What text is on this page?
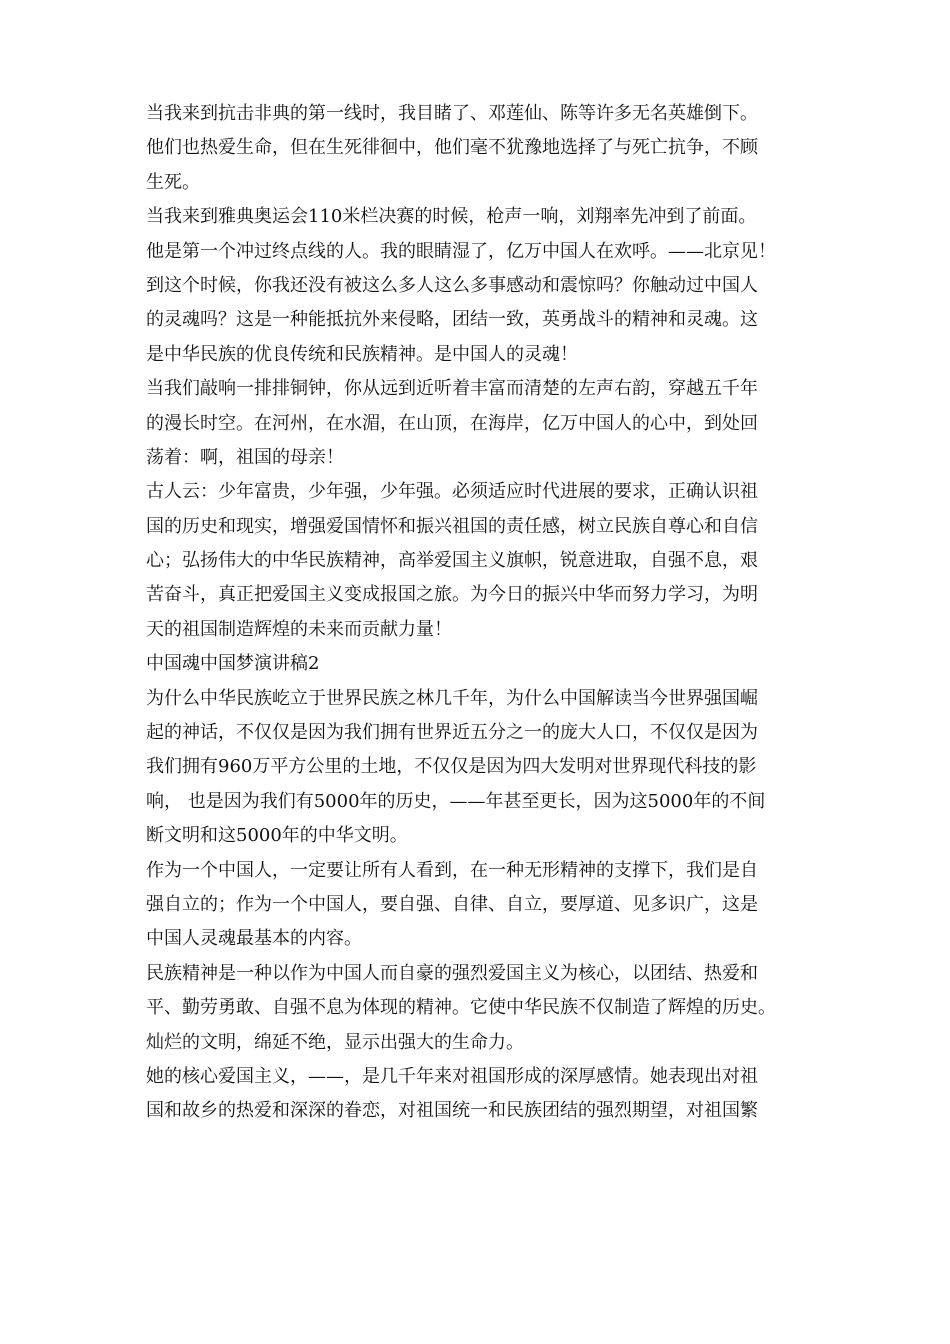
当我来到抗击非典的第一线时，我目睹了、邓莲仙、陈等许多无名英雄倒下。
他们也热爱生命，但在生死徘徊中，他们毫不犹豫地选择了与死亡抗争，不顾
生死。
当我来到雅典奥运会110米栏决赛的时候，枪声一响，刘翔率先冲到了前面。
他是第一个冲过终点线的人。我的眼睛湿了，亿万中国人在欢呼。——北京见！
到这个时候，你我还没有被这么多人这么多事感动和震惊吗？你触动过中国人
的灵魂吗？这是一种能抵抗外来侵略，团结一致，英勇战斗的精神和灵魂。这
是中华民族的优良传统和民族精神。是中国人的灵魂！
当我们敲响一排排铜钟，你从远到近听着丰富而清楚的左声右韵，穿越五千年
的漫长时空。在河州，在水湄，在山顶，在海岸，亿万中国人的心中，到处回
荡着：啊，祖国的母亲！
古人云：少年富贵，少年强，少年强。必须适应时代进展的要求，正确认识祖
国的历史和现实，增强爱国情怀和振兴祖国的责任感，树立民族自尊心和自信
心；弘扬伟大的中华民族精神，高举爱国主义旗帜，锐意进取，自强不息，艰
苦奋斗，真正把爱国主义变成报国之旅。为今日的振兴中华而努力学习，为明
天的祖国制造辉煌的未来而贡献力量！
中国魂中国梦演讲稿2
为什么中华民族屹立于世界民族之林几千年，为什么中国解读当今世界强国崛
起的神话，不仅仅是因为我们拥有世界近五分之一的庞大人口，不仅仅是因为
我们拥有960万平方公里的土地，不仅仅是因为四大发明对世界现代科技的影
响， 也是因为我们有5000年的历史，——年甚至更长，因为这5000年的不间
断文明和这5000年的中华文明。
作为一个中国人，一定要让所有人看到，在一种无形精神的支撑下，我们是自
强自立的；作为一个中国人，要自强、自律、自立，要厚道、见多识广，这是
中国人灵魂最基本的内容。
民族精神是一种以作为中国人而自豪的强烈爱国主义为核心，以团结、热爱和
平、勤劳勇敢、自强不息为体现的精神。它使中华民族不仅制造了辉煌的历史。
灿烂的文明，绵延不绝，显示出强大的生命力。
她的核心爱国主义，——，是几千年来对祖国形成的深厚感情。她表现出对祖
国和故乡的热爱和深深的眷恋，对祖国统一和民族团结的强烈期望，对祖国繁
